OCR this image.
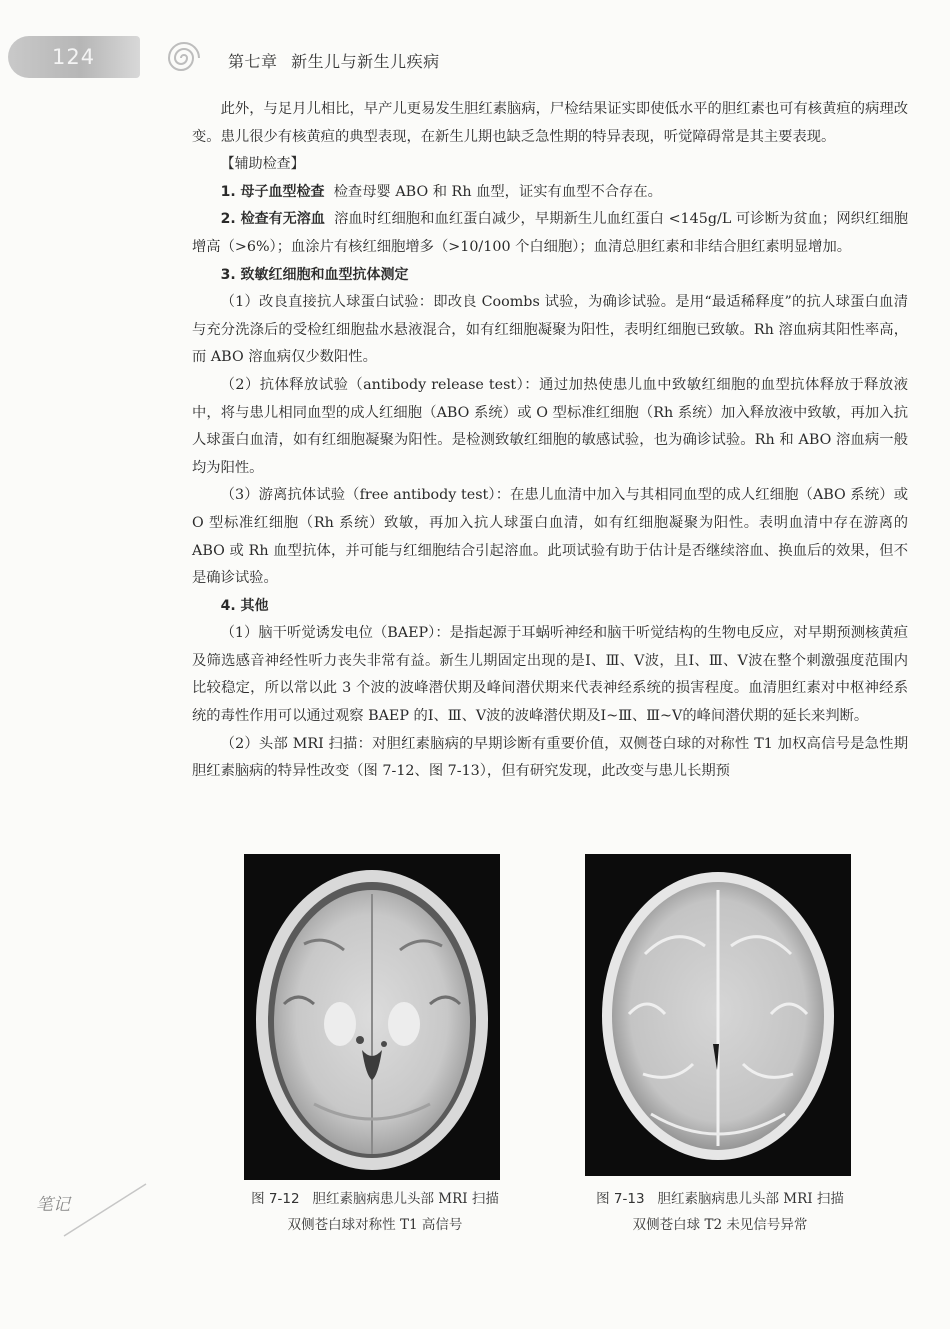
124	第七章 新生儿与新生儿疾病

此外，与足月儿相比，早产儿更易发生胆红素脑病，尸检结果证实即使低水平的胆红素也可有核黄疸的病理改变。患儿很少有核黄疸的典型表现，在新生儿期也缺乏急性期的特异表现，听觉障碍常是其主要表现。

【辅助检查】

1. 母子血型检查 检查母婴 ABO 和 Rh 血型，证实有血型不合存在。

2. 检查有无溶血 溶血时红细胞和血红蛋白减少，早期新生儿血红蛋白 <145g/L 可诊断为贫血；网织红细胞增高（>6%）；血涂片有核红细胞增多（>10/100 个白细胞）；血清总胆红素和非结合胆红素明显增加。

3. 致敏红细胞和血型抗体测定

（1）改良直接抗人球蛋白试验：即改良 Coombs 试验，为确诊试验。是用“最适稀释度”的抗人球蛋白血清与充分洗涤后的受检红细胞盐水悬液混合，如有红细胞凝聚为阳性，表明红细胞已致敏。Rh 溶血病其阳性率高，而 ABO 溶血病仅少数阳性。

（2）抗体释放试验（antibody release test）：通过加热使患儿血中致敏红细胞的血型抗体释放于释放液中，将与患儿相同血型的成人红细胞（ABO 系统）或 O 型标准红细胞（Rh 系统）加入释放液中致敏，再加入抗人球蛋白血清，如有红细胞凝聚为阳性。是检测致敏红细胞的敏感试验，也为确诊试验。Rh 和 ABO 溶血病一般均为阳性。

（3）游离抗体试验（free antibody test）：在患儿血清中加入与其相同血型的成人红细胞（ABO 系统）或 O 型标准红细胞（Rh 系统）致敏，再加入抗人球蛋白血清，如有红细胞凝聚为阳性。表明血清中存在游离的 ABO 或 Rh 血型抗体，并可能与红细胞结合引起溶血。此项试验有助于估计是否继续溶血、换血后的效果，但不是确诊试验。

4. 其他

（1）脑干听觉诱发电位（BAEP）：是指起源于耳蜗听神经和脑干听觉结构的生物电反应，对早期预测核黄疸及筛选感音神经性听力丧失非常有益。新生儿期固定出现的是Ⅰ、Ⅲ、Ⅴ波，且Ⅰ、Ⅲ、Ⅴ波在整个刺激强度范围内比较稳定，所以常以此 3 个波的波峰潜伏期及峰间潜伏期来代表神经系统的损害程度。血清胆红素对中枢神经系统的毒性作用可以通过观察 BAEP 的Ⅰ、Ⅲ、Ⅴ波的波峰潜伏期及Ⅰ~Ⅲ、Ⅲ~Ⅴ的峰间潜伏期的延长来判断。

（2）头部 MRI 扫描：对胆红素脑病的早期诊断有重要价值，双侧苍白球的对称性 T1 加权高信号是急性期胆红素脑病的特异性改变（图 7-12、图 7-13），但有研究发现，此改变与患儿长期预

图 7-12 胆红素脑病患儿头部 MRI 扫描
双侧苍白球对称性 T1 高信号
图 7-13 胆红素脑病患儿头部 MRI 扫描
双侧苍白球 T2 未见信号异常
笔记
